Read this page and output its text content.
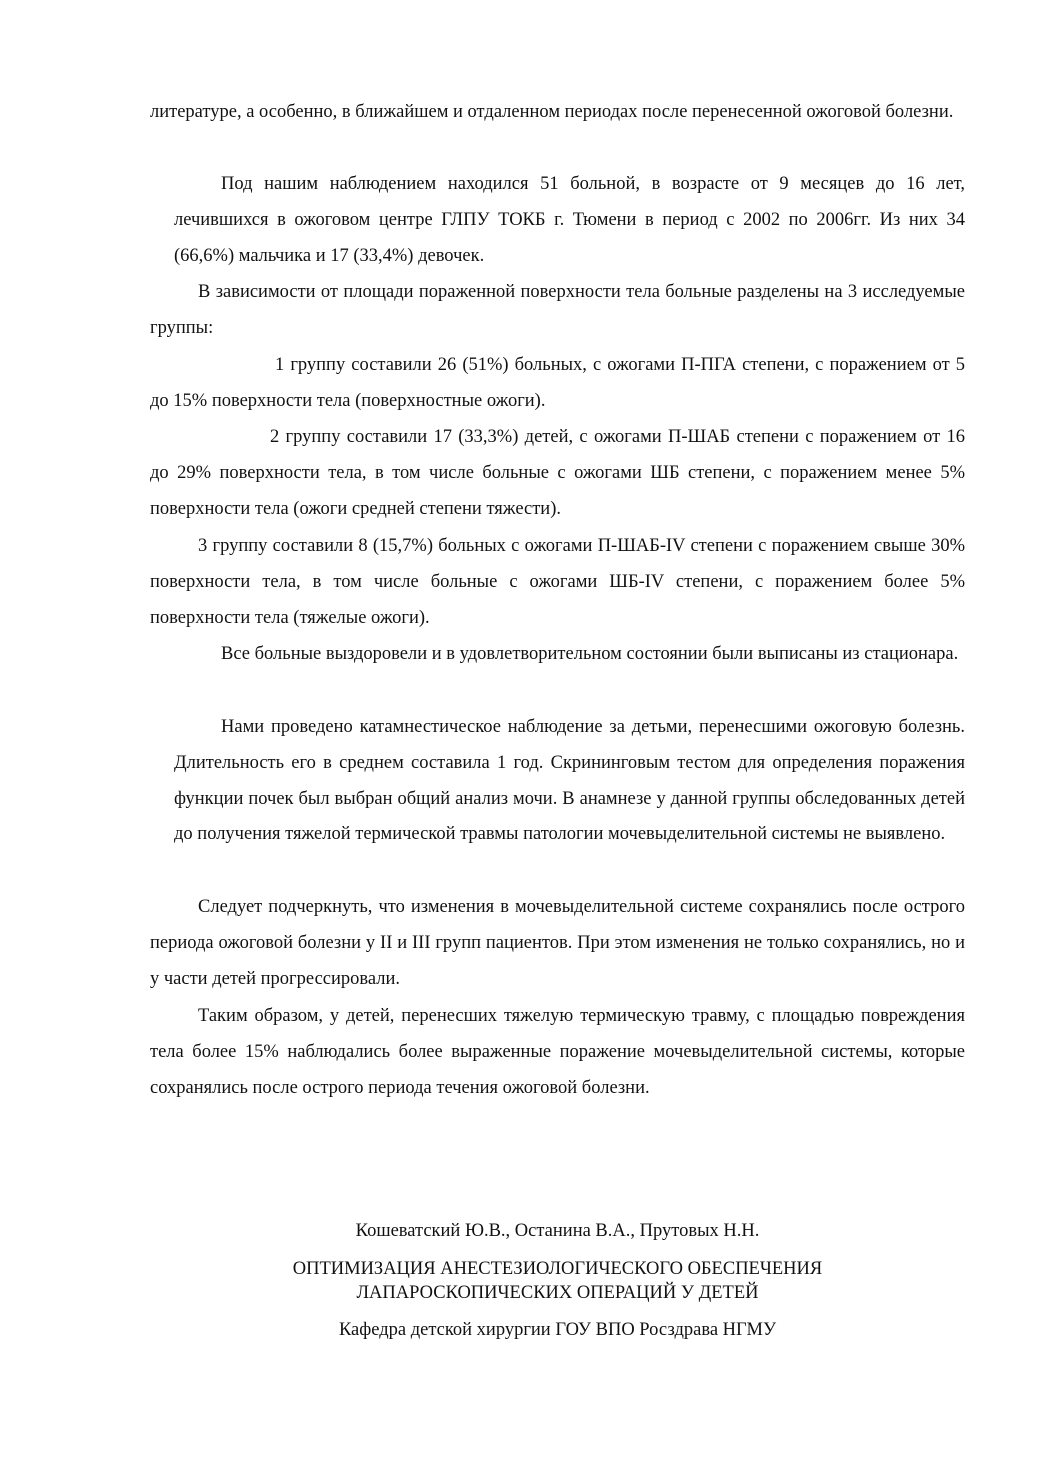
литературе, а особенно, в ближайшем и отдаленном периодах после перенесенной ожоговой болезни.

Под нашим наблюдением находился 51 больной, в возрасте от 9 месяцев до 16 лет, лечившихся в ожоговом центре ГЛПУ ТОКБ г. Тюмени в период с 2002 по 2006гг. Из них 34 (66,6%) мальчика и 17 (33,4%) девочек.

В зависимости от площади пораженной поверхности тела больные разделены на 3 исследуемые группы:

1 группу составили 26 (51%) больных, с ожогами П-ПГА степени, с поражением от 5 до 15% поверхности тела (поверхностные ожоги).

2 группу составили 17 (33,3%) детей, с ожогами П-ШАБ степени с поражением от 16 до 29% поверхности тела, в том числе больные с ожогами ШБ степени, с поражением менее 5% поверхности тела (ожоги средней степени тяжести).

3 группу составили 8 (15,7%) больных с ожогами П-ШАБ-IV степени с поражением свыше 30% поверхности тела, в том числе больные с ожогами ШБ-IV степени, с поражением более 5% поверхности тела (тяжелые ожоги).

Все больные выздоровели и в удовлетворительном состоянии были выписаны из стационара.

Нами проведено катамнестическое наблюдение за детьми, перенесшими ожоговую болезнь. Длительность его в среднем составила 1 год. Скрининговым тестом для определения поражения функции почек был выбран общий анализ мочи. В анамнезе у данной группы обследованных детей до получения тяжелой термической травмы патологии мочевыделительной системы не выявлено.

Следует подчеркнуть, что изменения в мочевыделительной системе сохранялись после острого периода ожоговой болезни у II и III групп пациентов. При этом изменения не только сохранялись, но и у части детей прогрессировали.

Таким образом, у детей, перенесших тяжелую термическую травму, с площадью повреждения тела более 15% наблюдались более выраженные поражение мочевыделительной системы, которые сохранялись после острого периода течения ожоговой болезни.

Кошеватский Ю.В., Останина В.А., Прутовых Н.Н.

ОПТИМИЗАЦИЯ АНЕСТЕЗИОЛОГИЧЕСКОГО ОБЕСПЕЧЕНИЯ
ЛАПАРОСКОПИЧЕСКИХ ОПЕРАЦИЙ У ДЕТЕЙ

Кафедра детской хирургии ГОУ ВПО Росздрава НГМУ
